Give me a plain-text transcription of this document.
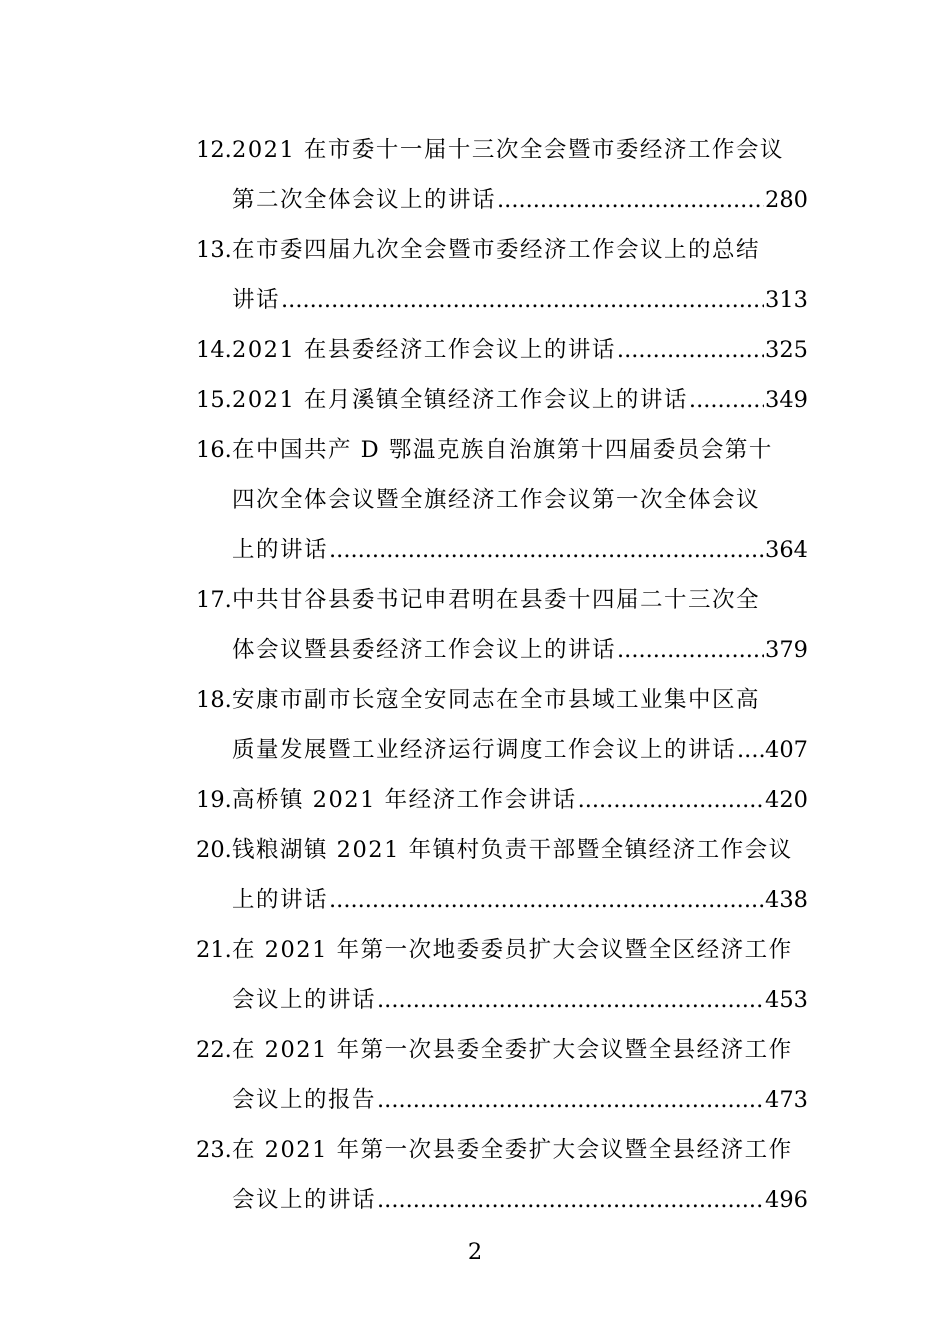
12. 2021 在市委十一届十三次全会暨市委经济工作会议
第二次全体会议上的讲话 .....	280
13. 在市委四届九次全会暨市委经济工作会议上的总结
讲话 .....	313
14. 2021 在县委经济工作会议上的讲话 .....	325
15. 2021 在月溪镇全镇经济工作会议上的讲话 .....	349
16. 在中国共产 D 鄂温克族自治旗第十四届委员会第十
四次全体会议暨全旗经济工作会议第一次全体会议
上的讲话 .....	364
17. 中共甘谷县委书记申君明在县委十四届二十三次全
体会议暨县委经济工作会议上的讲话 .....	379
18. 安康市副市长寇全安同志在全市县域工业集中区高
质量发展暨工业经济运行调度工作会议上的讲话 ..... 407
19. 高桥镇 2021 年经济工作会讲话 .....	420
20. 钱粮湖镇 2021 年镇村负责干部暨全镇经济工作会议
上的讲话 .....	438
21. 在 2021 年第一次地委委员扩大会议暨全区经济工作
会议上的讲话 .....	453
22. 在 2021 年第一次县委全委扩大会议暨全县经济工作
会议上的报告 .....	473
23. 在 2021 年第一次县委全委扩大会议暨全县经济工作
会议上的讲话 .....	496
2
